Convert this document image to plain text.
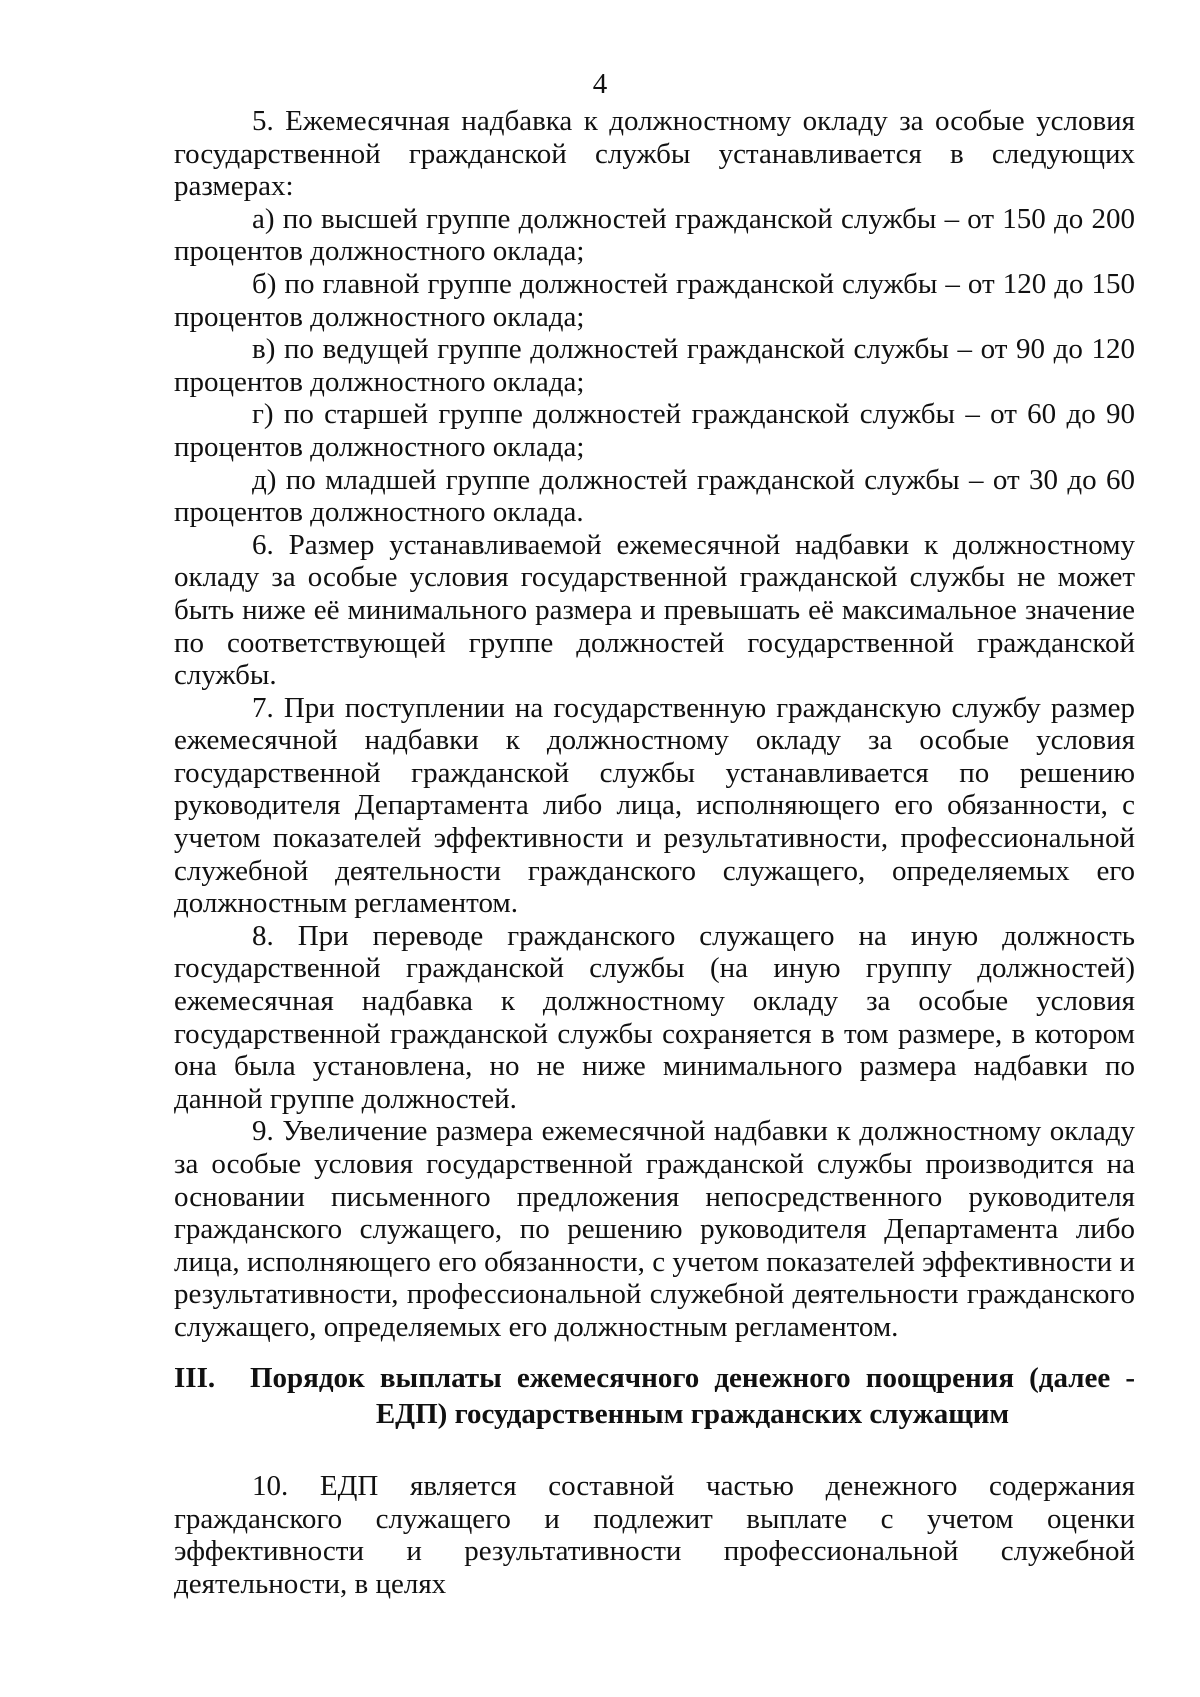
4

5. Ежемесячная надбавка к должностному окладу за особые условия государственной гражданской службы устанавливается в следующих размерах:

а) по высшей группе должностей гражданской службы – от 150 до 200 процентов должностного оклада;

б) по главной группе должностей гражданской службы – от 120 до 150 процентов должностного оклада;

в) по ведущей группе должностей гражданской службы – от 90 до 120 процентов должностного оклада;

г) по старшей группе должностей гражданской службы – от 60 до 90 процентов должностного оклада;

д) по младшей группе должностей гражданской службы – от 30 до 60 процентов должностного оклада.

6. Размер устанавливаемой ежемесячной надбавки к должностному окладу за особые условия государственной гражданской службы не может быть ниже её минимального размера и превышать её максимальное значение по соответствующей группе должностей государственной гражданской службы.

7. При поступлении на государственную гражданскую службу размер ежемесячной надбавки к должностному окладу за особые условия государственной гражданской службы устанавливается по решению руководителя Департамента либо лица, исполняющего его обязанности, с учетом показателей эффективности и результативности, профессиональной служебной деятельности гражданского служащего, определяемых его должностным регламентом.

8. При переводе гражданского служащего на иную должность государственной гражданской службы (на иную группу должностей) ежемесячная надбавка к должностному окладу за особые условия государственной гражданской службы сохраняется в том размере, в котором она была установлена, но не ниже минимального размера надбавки по данной группе должностей.

9. Увеличение размера ежемесячной надбавки к должностному окладу за особые условия государственной гражданской службы производится на основании письменного предложения непосредственного руководителя гражданского служащего, по решению руководителя Департамента либо лица, исполняющего его обязанности, с учетом показателей эффективности и результативности, профессиональной служебной деятельности гражданского служащего, определяемых его должностным регламентом.

III.	Порядок выплаты ежемесячного денежного поощрения (далее -
ЕДП) государственным гражданских служащим

10. ЕДП является составной частью денежного содержания гражданского служащего и подлежит выплате с учетом оценки эффективности и результативности профессиональной служебной деятельности, в целях
